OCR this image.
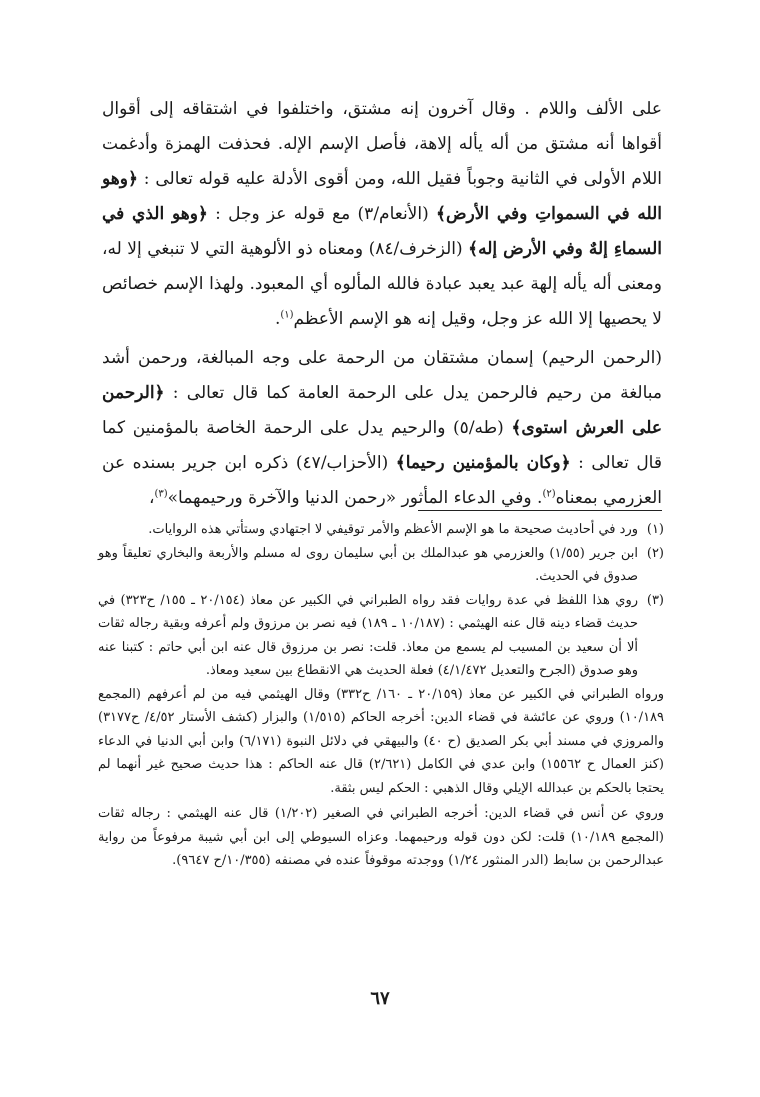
على الألف واللام . وقال آخرون إنه مشتق، واختلفوا في اشتقاقه إلى أقوال أقواها أنه مشتق من أله يأله إلاهة، فأصل الإسم الإله. فحذفت الهمزة وأدغمت اللام الأولى في الثانية وجوباً فقيل الله، ومن أقوى الأدلة عليه قوله تعالى : ﴿وهو الله في السمواتِ وفي الأرض﴾ (الأنعام/٣) مع قوله عز وجل : ﴿وهو الذي في السماءِ إلهٌ وفي الأرض إله﴾ (الزخرف/٨٤) ومعناه ذو الألوهية التي لا تنبغي إلا له، ومعنى أله يأله إلهة عبد يعبد عبادة فالله المألوه أي المعبود. ولهذا الإسم خصائص لا يحصيها إلا الله عز وجل، وقيل إنه هو الإسم الأعظم$^{(١)}$.

(الرحمن الرحيم) إسمان مشتقان من الرحمة على وجه المبالغة، ورحمن أشد مبالغة من رحيم فالرحمن يدل على الرحمة العامة كما قال تعالى : ﴿الرحمن على العرش استوى﴾ (طه/٥) والرحيم يدل على الرحمة الخاصة بالمؤمنين كما قال تعالى : ﴿وكان بالمؤمنين رحيما﴾ (الأحزاب/٤٧) ذكره ابن جرير بسنده عن العزرمي بمعناه$^{(٢)}$. وفي الدعاء المأثور «رحمن الدنيا والآخرة ورحيمهما»$^{(٣)}$،

(١)

ورد في أحاديث صحيحة ما هو الإسم الأعظم والأمر توقيفي لا اجتهادي وستأتي هذه الروايات.

(٢)

ابن جرير (١/٥٥) والعزرمي هو عبدالملك بن أبي سليمان روى له مسلم والأربعة والبخاري تعليقاً وهو صدوق في الحديث.

(٣)

روي هذا اللفظ في عدة روايات فقد رواه الطبراني في الكبير عن معاذ (٢٠/١٥٤ ـ ١٥٥/ ح٣٢٣) في حديث قضاء دينه قال عنه الهيثمي : (١٠/١٨٧ ـ ١٨٩) فيه نصر بن مرزوق ولم أعرفه وبقية رجاله ثقات ألا أن سعيد بن المسيب لم يسمع من معاذ. قلت: نصر بن مرزوق قال عنه ابن أبي حاتم : كتبنا عنه وهو صدوق (الجرح والتعديل ٤/١/٤٧٢) فعلة الحديث هي الانقطاع بين سعيد ومعاذ.

ورواه الطبراني في الكبير عن معاذ (٢٠/١٥٩ ـ ١٦٠/ ح٣٣٢) وقال الهيثمي فيه من لم أعرفهم (المجمع ١٠/١٨٩) وروي عن عائشة في قضاء الدين: أخرجه الحاكم (١/٥١٥) والبزار (كشف الأستار ٤/٥٢/ ح٣١٧٧) والمروزي في مسند أبي بكر الصديق (ح ٤٠) والبيهقي في دلائل النبوة (٦/١٧١) وابن أبي الدنيا في الدعاء (كنز العمال ح ١٥٥٦٢) وابن عدي في الكامل (٢/٦٢١) قال عنه الحاكم : هذا حديث صحيح غير أنهما لم يحتجا بالحكم بن عبدالله الإيلي وقال الذهبي : الحكم ليس بثقة.

وروي عن أنس في قضاء الدين: أخرجه الطبراني في الصغير (١/٢٠٢) قال عنه الهيثمي : رجاله ثقات (المجمع ١٠/١٨٩) قلت: لكن دون قوله ورحيمهما. وعزاه السيوطي إلى ابن أبي شيبة مرفوعاً من رواية عبدالرحمن بن سابط (الدر المنثور ١/٢٤) ووجدته موقوفاً عنده في مصنفه (١٠/٣٥٥/ح ٩٦٤٧).

٦٧
